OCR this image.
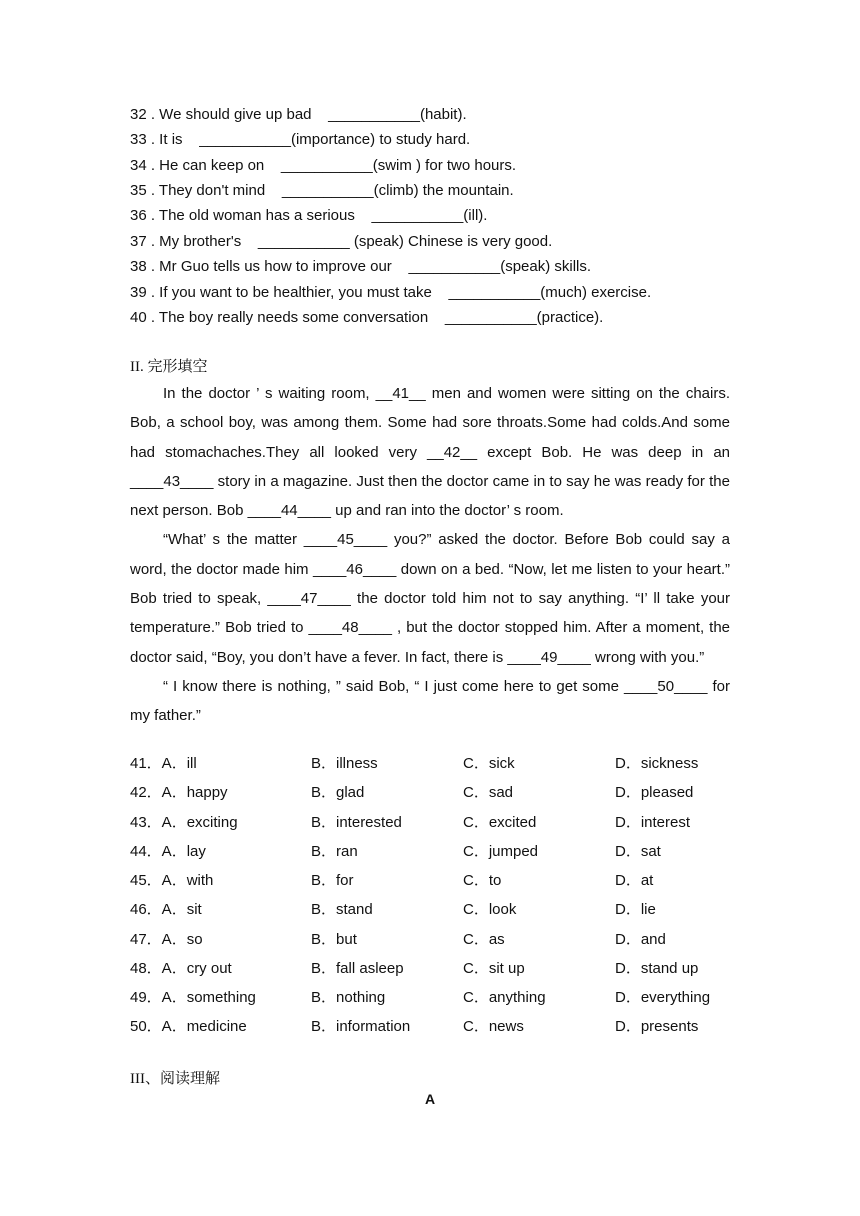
32 . We should give up bad    ___________(habit).
33 . It is    ___________(importance) to study hard.
34 . He can keep on    ___________(swim ) for two hours.
35 . They don't mind    ___________(climb) the mountain.
36 . The old woman has a serious    ___________(ill).
37 . My brother's    ___________ (speak) Chinese is very good.
38 . Mr Guo tells us how to improve our    ___________(speak) skills.
39 . If you want to be healthier, you must take    ___________(much) exercise.
40 . The boy really needs some conversation    ___________(practice).
II. 完形填空

In the doctor ’ s waiting room, __41__ men and women were sitting on the chairs. Bob, a school boy, was among them. Some had sore throats.Some had colds.And some had stomachaches.They all looked very __42__ except Bob. He was deep in an ____43____ story in a magazine. Just then the doctor came in to say he was ready for the next person. Bob ____44____ up and ran into the doctor’ s room.

“What’ s the matter ____45____ you?” asked the doctor. Before Bob could say a word, the doctor made him ____46____ down on a bed. “Now, let me listen to your heart.” Bob tried to speak, ____47____ the doctor told him not to say anything. “I’ ll take your temperature.” Bob tried to ____48____ , but the doctor stopped him. After a moment, the doctor said, “Boy, you don’t have a fever. In fact, there is ____49____ wrong with you.”

“ I know there is nothing, ” said Bob, “ I just come here to get some ____50____ for my father.”

41．A．ill	B．illness	C．sick	D．sickness
42．A．happy	B．glad	C．sad	D．pleased
43．A．exciting	B．interested	C．excited	D．interest
44．A．lay	B．ran	C．jumped	D．sat
45．A．with	B．for	C．to	D．at
46．A．sit	B．stand	C．look	D．lie
47．A．so	B．but	C．as	D．and
48．A．cry out	B．fall asleep	C．sit up	D．stand up
49．A．something	B．nothing	C．anything	D．everything
50．A．medicine	B．information	C．news	D．presents
III、阅读理解
A
